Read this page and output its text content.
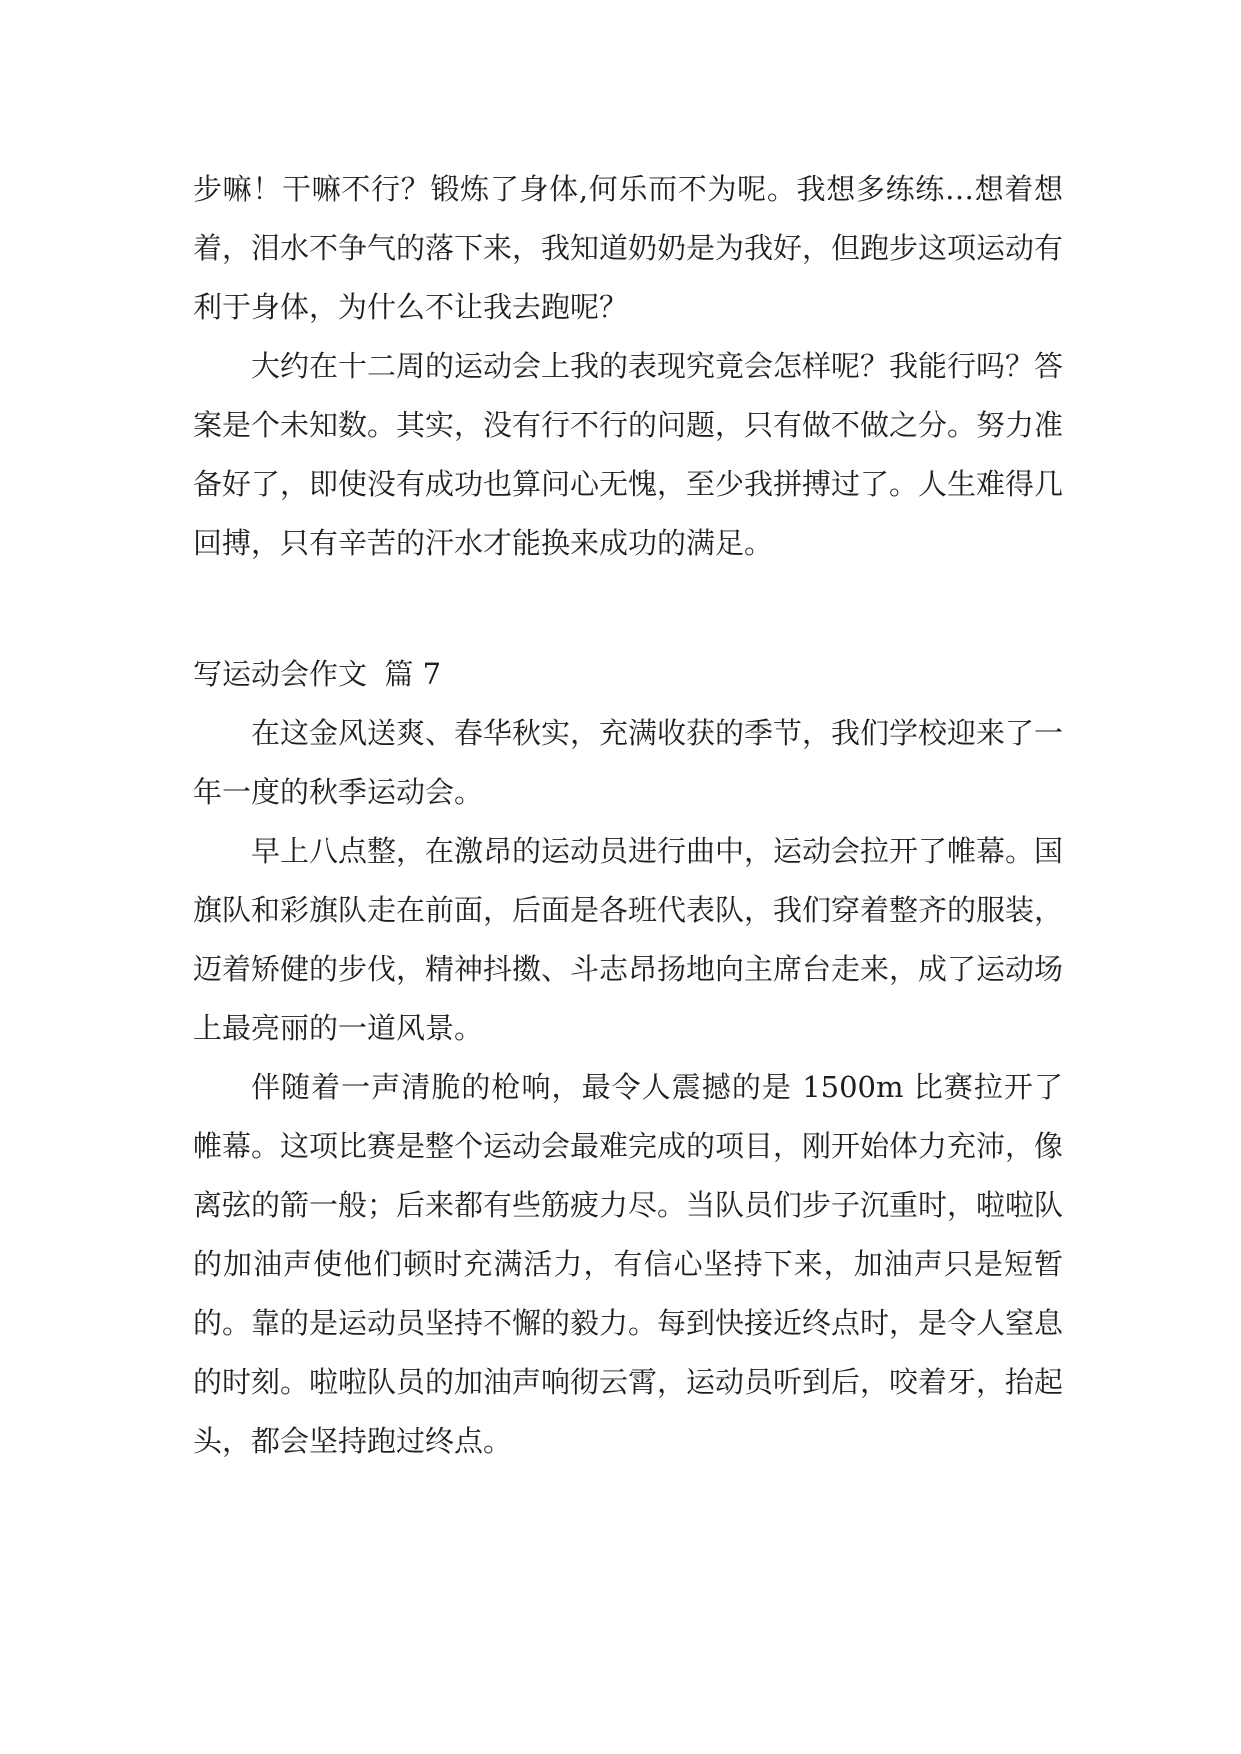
步嘛！干嘛不行？锻炼了身体,何乐而不为呢。我想多练练…想着想着，泪水不争气的落下来，我知道奶奶是为我好，但跑步这项运动有利于身体，为什么不让我去跑呢？

大约在十二周的运动会上我的表现究竟会怎样呢？我能行吗？答案是个未知数。其实，没有行不行的问题，只有做不做之分。努力准备好了，即使没有成功也算问心无愧，至少我拼搏过了。人生难得几回搏，只有辛苦的汗水才能换来成功的满足。

写运动会作文 篇 7

在这金风送爽、春华秋实，充满收获的季节，我们学校迎来了一年一度的秋季运动会。

早上八点整，在激昂的运动员进行曲中，运动会拉开了帷幕。国旗队和彩旗队走在前面，后面是各班代表队，我们穿着整齐的服装，迈着矫健的步伐，精神抖擞、斗志昂扬地向主席台走来，成了运动场上最亮丽的一道风景。

伴随着一声清脆的枪响，最令人震撼的是 1500m 比赛拉开了帷幕。这项比赛是整个运动会最难完成的项目，刚开始体力充沛，像离弦的箭一般；后来都有些筋疲力尽。当队员们步子沉重时，啦啦队的加油声使他们顿时充满活力，有信心坚持下来，加油声只是短暂的。靠的是运动员坚持不懈的毅力。每到快接近终点时，是令人窒息的时刻。啦啦队员的加油声响彻云霄，运动员听到后，咬着牙，抬起头，都会坚持跑过终点。
